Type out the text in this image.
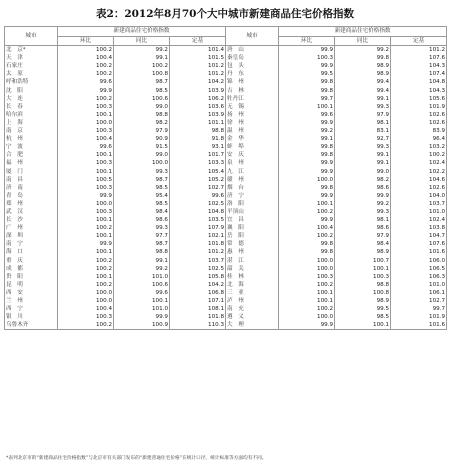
表2：2012年8月70个大中城市新建商品住宅价格指数
城市	新建商品住宅价格指数			城市	新建商品住宅价格指数		
	环比	同比	定基		环比	同比	定基
北　京*	100.2	99.2	101.4	唐　山	99.9	99.2	101.2
天　津	100.4	99.1	101.5	秦皇岛	100.3	99.8	107.6
石家庄	100.2	100.2	101.2	包　头	99.9	98.9	104.3
太　原	100.2	100.8	101.2	丹　东	99.5	98.9	107.4
呼和浩特	99.6	98.7	104.2	锦　州	99.8	99.4	104.8
沈　阳	99.9	98.5	103.9	吉　林	99.8	99.4	104.3
大　连	100.2	100.6	106.2	牡丹江	99.7	99.1	105.6
长　春	100.3	99.0	103.6	无　锡	100.1	99.3	101.9
哈尔滨	100.1	98.8	103.9	扬　州	99.6	97.9	102.6
上　海	100.0	98.2	101.1	徐　州	99.9	98.1	102.6
南　京	100.3	97.9	98.8	温　州	99.2	83.1	83.9
杭　州	100.4	90.9	91.8	金　华	99.1	92.7	96.4
宁　波	99.6	91.5	93.1	蚌　埠	99.8	99.3	103.2
合　肥	100.1	99.0	101.7	安　庆	99.8	99.1	100.2
福　州	100.3	100.0	103.3	泉　州	99.9	99.1	102.4
厦　门	100.1	99.3	105.4	九　江	99.9	99.0	102.2
南　昌	100.5	98.7	105.2	赣　州	100.0	98.2	104.6
济　南	100.3	98.5	102.7	烟　台	99.8	98.6	102.6
青　岛	99.9	95.4	99.6	济　宁	99.9	99.9	104.0
郑　州	100.0	98.5	102.5	洛　阳	100.1	99.2	103.7
武　汉	100.3	98.4	104.8	平顶山	100.2	99.3	101.0
长　沙	100.1	98.6	103.5	宜　昌	99.9	98.1	102.4
广　州	100.2	99.3	107.9	襄　阳	100.4	98.6	103.8
深　圳	100.1	97.7	102.1	岳　阳	100.2	97.9	104.7
南　宁	99.9	98.7	101.8	常　德	99.8	98.4	107.6
海　口	100.1	98.8	101.2	惠　州	99.8	98.9	101.6
重　庆	100.2	99.1	103.7	湛　江	100.0	100.7	106.0
成　都	100.2	99.2	102.5	韶　关	100.0	100.1	106.5
贵　阳	100.1	101.0	105.8	桂　林	100.3	100.3	106.3
昆　明	100.2	100.6	104.2	北　海	100.2	98.8	101.0
西　安	100.0	99.6	106.8	三　亚	100.1	100.8	106.1
兰　州	100.0	100.1	107.1	泸　州	100.1	98.9	102.7
西　宁	100.4	101.0	108.1	南　充	100.2	99.5	99.7
银　川	100.3	99.9	101.8	遵　义	100.0	98.5	101.9
乌鲁木齐	100.2	100.9	110.3	大　理	99.9	100.1	101.6
*表列北京市的“新建商品住宅价格指数”与北京市有关部门发布的“新建普通住宅价格”在统计口径、统计标准等方面均有不同。
